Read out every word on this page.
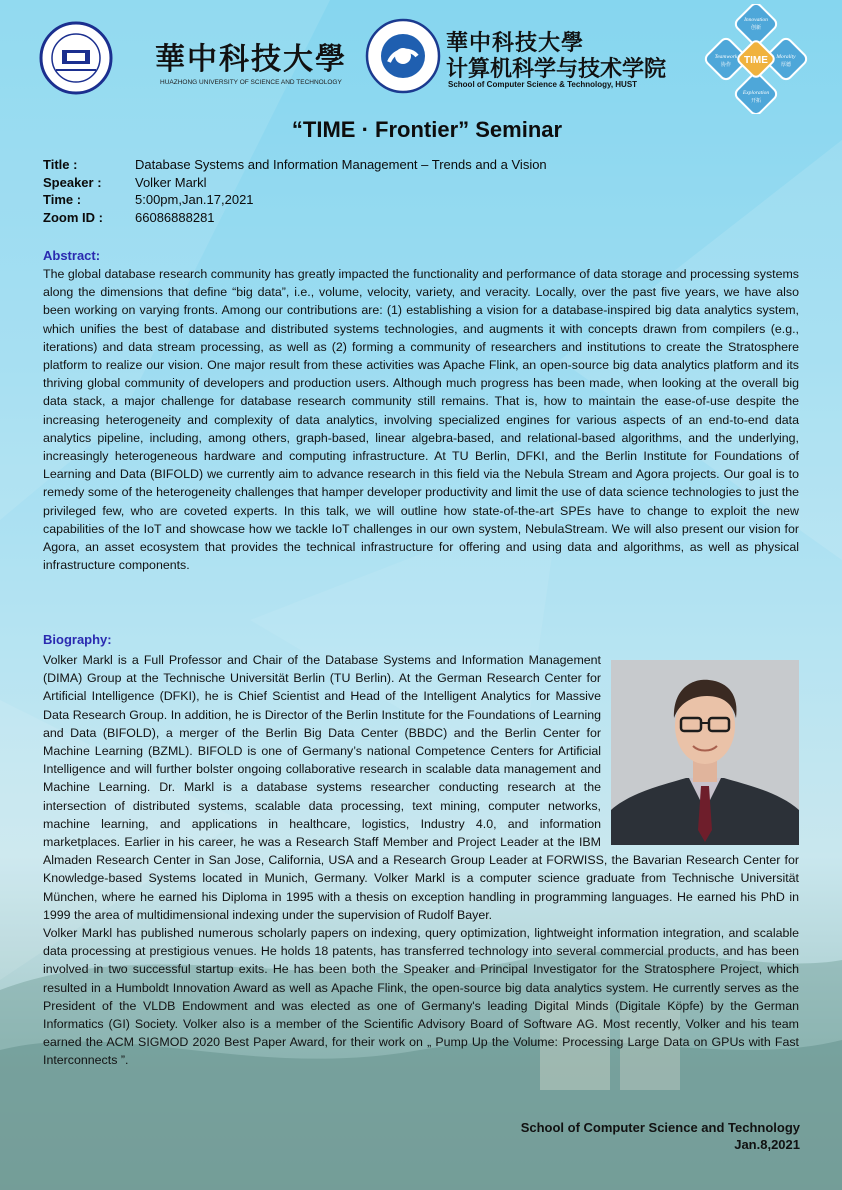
華中科技大學
HUAZHONG UNIVERSITY OF SCIENCE AND TECHNOLOGY
華中科技大學
计算机科学与技术学院
School of Computer Science & Technology, HUST
TIME
Innovation
创新
Teamwork
协作
Morality
厚德
Exploration
开拓
“TIME · Frontier” Seminar
Title :	Database Systems and Information Management – Trends and a Vision
Speaker :	Volker Markl
Time :	5:00pm,Jan.17,2021
Zoom ID :	66086888281
Abstract:
The global database research community has greatly impacted the functionality and performance of data storage and processing systems along the dimensions that define “big data”, i.e., volume, velocity, variety, and veracity. Locally, over the past five years, we have also been working on varying fronts. Among our contributions are: (1) establishing a vision for a database-inspired big data analytics system, which unifies the best of database and distributed systems technologies, and augments it with concepts drawn from compilers (e.g., iterations) and data stream processing, as well as (2) forming a community of researchers and institutions to create the Stratosphere platform to realize our vision. One major result from these activities was Apache Flink, an open-source big data analytics platform and its thriving global community of developers and production users. Although much progress has been made, when looking at the overall big data stack, a major challenge for database research community still remains. That is, how to maintain the ease-of-use despite the increasing heterogeneity and complexity of data analytics, involving specialized engines for various aspects of an end-to-end data analytics pipeline, including, among others, graph-based, linear algebra-based, and relational-based algorithms, and the underlying, increasingly heterogeneous hardware and computing infrastructure. At TU Berlin, DFKI, and the Berlin Institute for Foundations of Learning and Data (BIFOLD) we currently aim to advance research in this field via the Nebula Stream and Agora projects. Our goal is to remedy some of the heterogeneity challenges that hamper developer productivity and limit the use of data science technologies to just the privileged few, who are coveted experts. In this talk, we will outline how state-of-the-art SPEs have to change to exploit the new capabilities of the IoT and showcase how we tackle IoT challenges in our own system, NebulaStream. We will also present our vision for Agora, an asset ecosystem that provides the technical infrastructure for offering and using data and algorithms, as well as physical infrastructure components.
Biography:
Volker Markl is a Full Professor and Chair of the Database Systems and Information Management (DIMA) Group at the Technische Universität Berlin (TU Berlin). At the German Research Center for Artificial Intelligence (DFKI), he is Chief Scientist and Head of the Intelligent Analytics for Massive Data Research Group. In addition, he is Director of the Berlin Institute for the Foundations of Learning and Data (BIFOLD), a merger of the Berlin Big Data Center (BBDC) and the Berlin Center for Machine Learning (BZML). BIFOLD is one of Germany’s national Competence Centers for Artificial Intelligence and will further bolster ongoing collaborative research in scalable data management and Machine Learning. Dr. Markl is a database systems researcher conducting research at the intersection of distributed systems, scalable data processing, text mining, computer networks, machine learning, and applications in healthcare, logistics, Industry 4.0, and information marketplaces. Earlier in his career, he was a Research Staff Member and Project Leader at the IBM Almaden Research Center in San Jose, California, USA and a Research Group Leader at FORWISS, the Bavarian Research Center for Knowledge-based Systems located in Munich, Germany. Volker Markl is a computer science graduate from Technische Universität München, where he earned his Diploma in 1995 with a thesis on exception handling in programming languages. He earned his PhD in 1999 the area of multidimensional indexing under the supervision of Rudolf Bayer.
Volker Markl has published numerous scholarly papers on indexing, query optimization, lightweight information integration, and scalable data processing at prestigious venues. He holds 18 patents, has transferred technology into several commercial products, and has been involved in two successful startup exits. He has been both the Speaker and Principal Investigator for the Stratosphere Project, which resulted in a Humboldt Innovation Award as well as Apache Flink, the open-source big data analytics system. He currently serves as the President of the VLDB Endowment and was elected as one of Germany's leading Digital Minds (Digitale Köpfe) by the German Informatics (GI) Society. Volker also is a member of the Scientific Advisory Board of Software AG. Most recently, Volker and his team earned the ACM SIGMOD 2020 Best Paper Award, for their work on „ Pump Up the Volume: Processing Large Data on GPUs with Fast Interconnects ”.
School of Computer Science and Technology
Jan.8,2021
